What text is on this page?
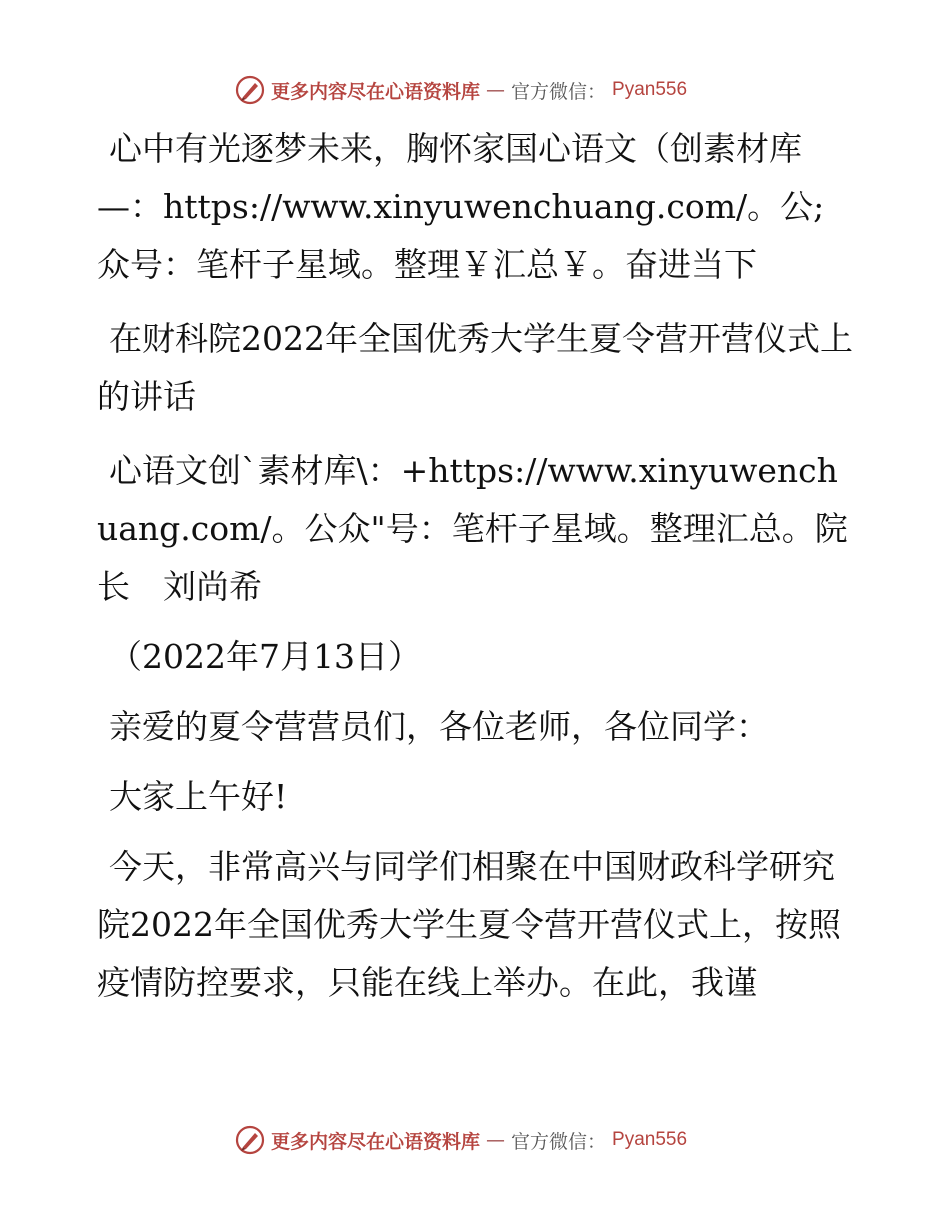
更多内容尽在心语资料库 — 官方微信： Pyan556

心中有光逐梦未来，胸怀家国心语文（创素材库—：https://www.xinyuwenchuang.com/。公;众号：笔杆子星域。整理￥汇总￥。奋进当下

在财科院2022年全国优秀大学生夏令营开营仪式上的讲话

心语文创`素材库\：+https://www.xinyuwenchuang.com/。公众"号：笔杆子星域。整理汇总。院长　刘尚希

（2022年7月13日）

亲爱的夏令营营员们，各位老师，各位同学：

大家上午好!

今天，非常高兴与同学们相聚在中国财政科学研究院2022年全国优秀大学生夏令营开营仪式上，按照疫情防控要求，只能在线上举办。在此，我谨

更多内容尽在心语资料库 — 官方微信： Pyan556
